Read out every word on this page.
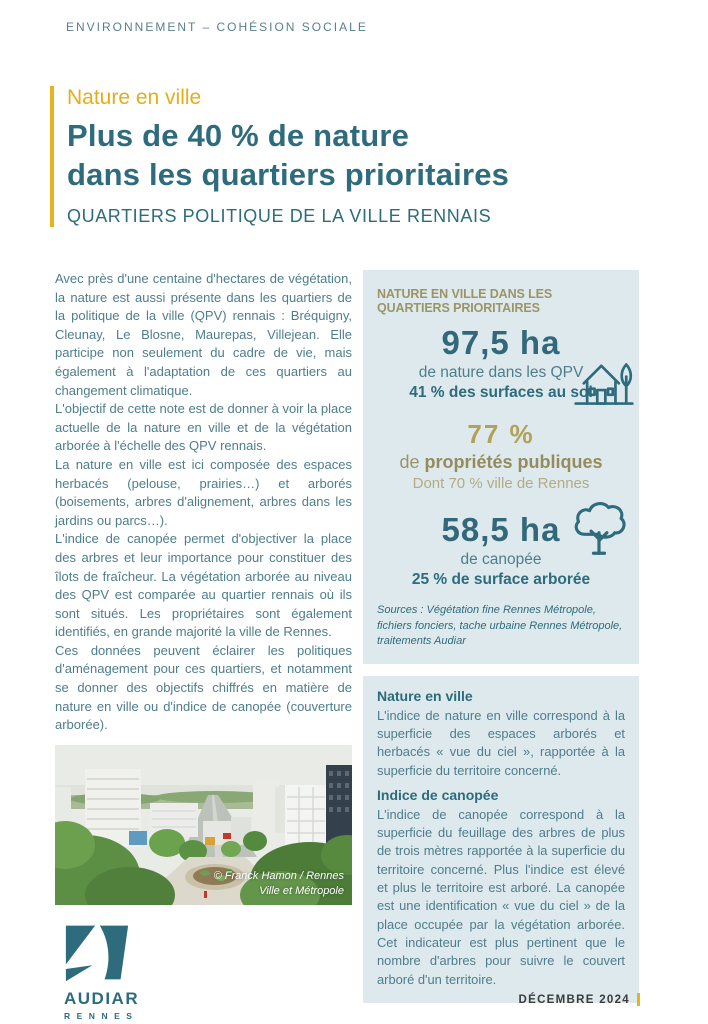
ENVIRONNEMENT – COHÉSION SOCIALE
Nature en ville
Plus de 40 % de nature
dans les quartiers prioritaires
QUARTIERS POLITIQUE DE LA VILLE RENNAIS

Avec près d'une centaine d'hectares de végétation, la nature est aussi présente dans les quartiers de la politique de la ville (QPV) rennais : Bréquigny, Cleunay, Le Blosne, Maurepas, Villejean. Elle participe non seulement du cadre de vie, mais également à l'adaptation de ces quartiers au changement climatique.

L'objectif de cette note est de donner à voir la place actuelle de la nature en ville et de la végétation arborée à l'échelle des QPV rennais.

La nature en ville est ici composée des espaces herbacés (pelouse, prairies…) et arborés (boisements, arbres d'alignement, arbres dans les jardins ou parcs…).

L'indice de canopée permet d'objectiver la place des arbres et leur importance pour constituer des îlots de fraîcheur. La végétation arborée au niveau des QPV est comparée au quartier rennais où ils sont situés. Les propriétaires sont également identifiés, en grande majorité la ville de Rennes.

Ces données peuvent éclairer les politiques d'aménagement pour ces quartiers, et notamment se donner des objectifs chiffrés en matière de nature en ville ou d'indice de canopée (couverture arborée).

© Franck Hamon / Rennes
Ville et Métropole
NATURE EN VILLE DANS LES QUARTIERS PRIORITAIRES
97,5 ha
de nature dans les QPV
41 % des surfaces au sol
77 %
de propriétés publiques
Dont 70 % ville de Rennes
58,5 ha
de canopée
25 % de surface arborée
Sources : Végétation fine Rennes Métropole, fichiers fonciers, tache urbaine Rennes Métropole, traitements Audiar
Nature en ville

L'indice de nature en ville correspond à la superficie des espaces arborés et herbacés « vue du ciel », rapportée à la superficie du territoire concerné.

Indice de canopée

L'indice de canopée correspond à la superficie du feuillage des arbres de plus de trois mètres rapportée à la superficie du territoire concerné. Plus l'indice est élevé et plus le territoire est arboré. La canopée est une identification « vue du ciel » de la place occupée par la végétation arborée. Cet indicateur est plus pertinent que le nombre d'arbres pour suivre le couvert arboré d'un territoire.

AUDIAR
RENNES
DÉCEMBRE 2024
